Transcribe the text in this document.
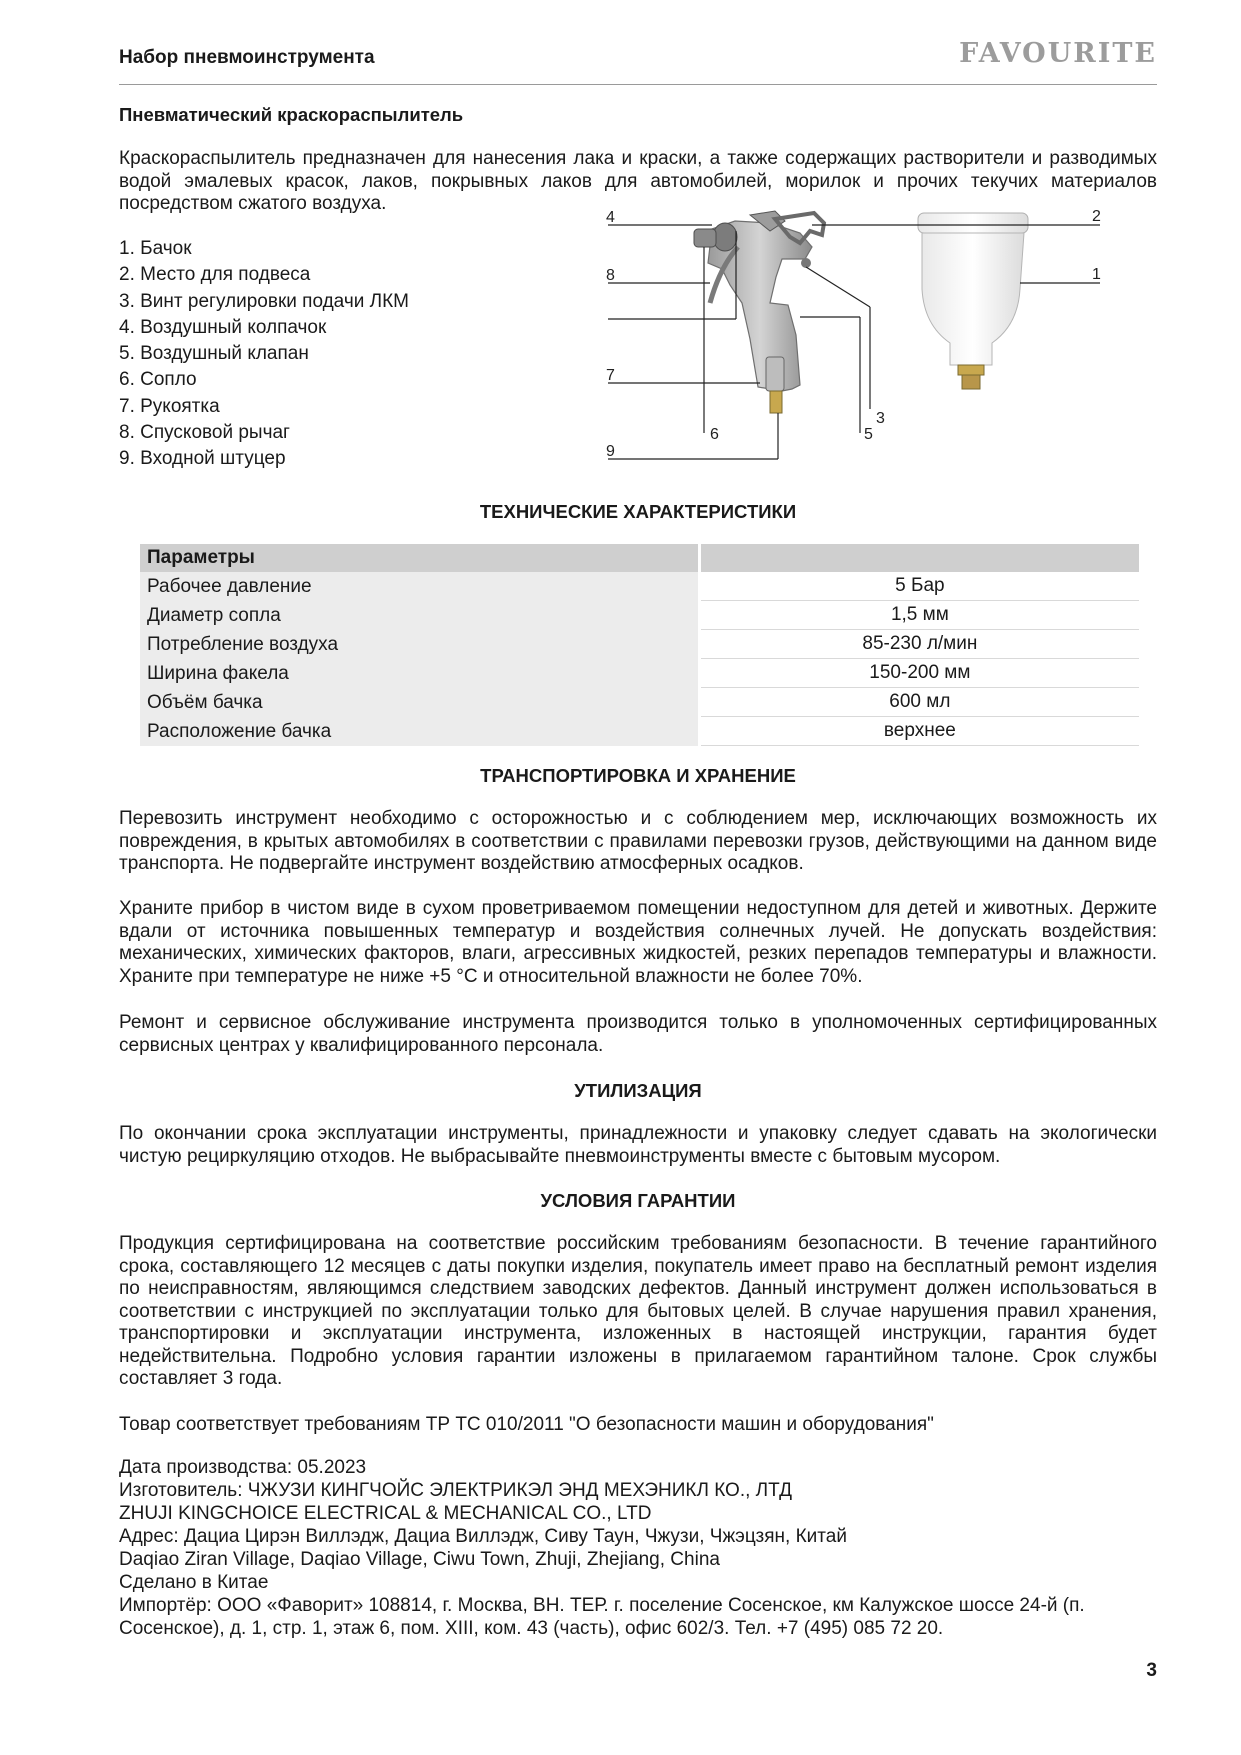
Набор пневмоинструмента	FAVOURITE
Пневматический краскораспылитель
Краскораспылитель предназначен для нанесения лака и краски, а также содержащих растворители и разводимых водой эмалевых красок, лаков, покрывных лаков для автомобилей, морилок и прочих текучих материалов посредством сжатого воздуха.
1. Бачок
2. Место для подвеса
3. Винт регулировки подачи ЛКМ
4. Воздушный колпачок
5. Воздушный клапан
6. Сопло
7. Рукоятка
8. Спусковой рычаг
9. Входной штуцер
4
8
7
9
6	5
3
2
1
ТЕХНИЧЕСКИЕ ХАРАКТЕРИСТИКИ
Параметры	
Рабочее давление	5 Бар
Диаметр сопла	1,5 мм
Потребление воздуха	85-230 л/мин
Ширина факела	150-200 мм
Объём бачка	600 мл
Расположение бачка	верхнее
ТРАНСПОРТИРОВКА И ХРАНЕНИЕ
Перевозить инструмент необходимо с осторожностью и с соблюдением мер, исключающих возможность их повреждения, в крытых автомобилях в соответствии с правилами перевозки грузов, действующими на данном виде транспорта. Не подвергайте инструмент воздействию атмосферных осадков.
Храните прибор в чистом виде в сухом проветриваемом помещении недоступном для детей и животных. Держите вдали от источника повышенных температур и воздействия солнечных лучей. Не допускать воздействия: механических, химических факторов, влаги, агрессивных жидкостей, резких перепадов температуры и влажности. Храните при температуре не ниже +5 °С и относительной влажности не более 70%.
Ремонт и сервисное обслуживание инструмента производится только в уполномоченных сертифицированных сервисных центрах у квалифицированного персонала.
УТИЛИЗАЦИЯ
По окончании срока эксплуатации инструменты, принадлежности и упаковку следует сдавать на экологически чистую рециркуляцию отходов. Не выбрасывайте пневмоинструменты вместе с бытовым мусором.
УСЛОВИЯ ГАРАНТИИ
Продукция сертифицирована на соответствие российским требованиям безопасности. В течение гарантийного срока, составляющего 12 месяцев с даты покупки изделия, покупатель имеет право на бесплатный ремонт изделия по неисправностям, являющимся следствием заводских дефектов. Данный инструмент должен использоваться в соответствии с инструкцией по эксплуатации только для бытовых целей. В случае нарушения правил хранения, транспортировки и эксплуатации инструмента, изложенных в настоящей инструкции, гарантия будет недействительна. Подробно условия гарантии изложены в прилагаемом гарантийном талоне. Срок службы составляет 3 года.
Товар соответствует требованиям ТР ТС 010/2011 "О безопасности машин и оборудования"
Дата производства: 05.2023
Изготовитель: ЧЖУЗИ КИНГЧОЙС ЭЛЕКТРИКЭЛ ЭНД МЕХЭНИКЛ КО., ЛТД
ZHUJI KINGCHOICE ELECTRICAL & MECHANICAL CO., LTD
Адрес: Дациа Цирэн Виллэдж, Дациа Виллэдж, Сиву Таун, Чжузи, Чжэцзян, Китай
Daqiao Ziran Village, Daqiao Village, Ciwu Town, Zhuji, Zhejiang, China
Сделано в Китае
Импортёр: ООО «Фаворит» 108814, г. Москва, ВН. ТЕР. г. поселение Сосенское, км Калужское шоссе 24-й (п. Сосенское), д. 1, стр. 1, этаж 6, пом. XIII, ком. 43 (часть), офис 602/3. Тел. +7 (495) 085 72 20.
3
